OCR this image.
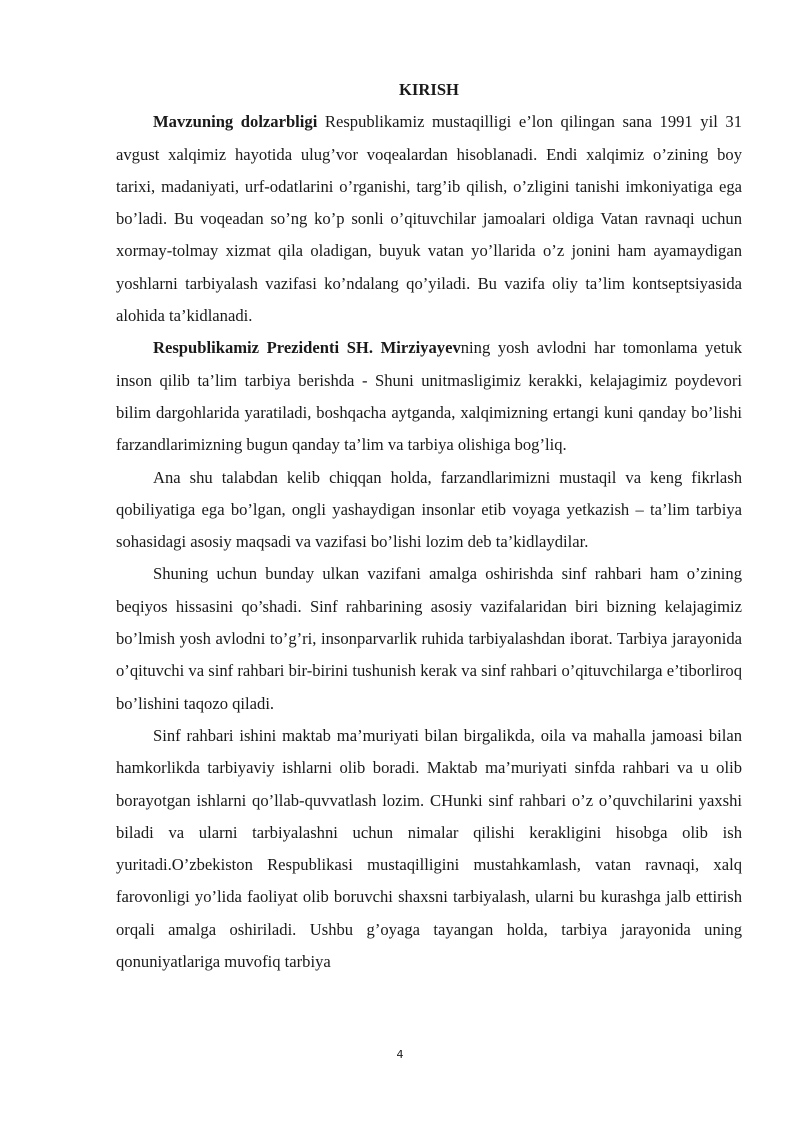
KIRISH

Mavzuning dolzarbligi Respublikamiz mustaqilligi e’lon qilingan sana 1991 yil 31 avgust xalqimiz hayotida ulug’vor voqealardan hisoblanadi. Endi xalqimiz o’zining boy tarixi, madaniyati, urf-odatlarini o’rganishi, targ’ib qilish, o’zligini tanishi imkoniyatiga ega bo’ladi. Bu voqeadan so’ng ko’p sonli o’qituvchilar jamoalari oldiga Vatan ravnaqi uchun xormay-tolmay xizmat qila oladigan, buyuk vatan yo’llarida o’z jonini ham ayamaydigan yoshlarni tarbiyalash vazifasi ko’ndalang qo’yiladi. Bu vazifa oliy ta’lim kontseptsiyasida alohida ta’kidlanadi.

Respublikamiz Prezidenti SH. Mirziyayevning yosh avlodni har tomonlama yetuk inson qilib ta’lim tarbiya berishda - Shuni unitmasligimiz kerakki, kelajagimiz poydevori bilim dargohlarida yaratiladi, boshqacha aytganda, xalqimizning ertangi kuni qanday bo’lishi farzandlarimizning bugun qanday ta’lim va tarbiya olishiga bog’liq.

Ana shu talabdan kelib chiqqan holda, farzandlarimizni mustaqil va keng fikrlash qobiliyatiga ega bo’lgan, ongli yashaydigan insonlar etib voyaga yetkazish – ta’lim tarbiya sohasidagi asosiy maqsadi va vazifasi bo’lishi lozim deb ta’kidlaydilar.

Shuning uchun bunday ulkan vazifani amalga oshirishda sinf rahbari ham o’zining beqiyos hissasini qo’shadi. Sinf rahbarining asosiy vazifalaridan biri bizning kelajagimiz bo’lmish yosh avlodni to’g’ri, insonparvarlik ruhida tarbiyalashdan iborat. Tarbiya jarayonida o’qituvchi va sinf rahbari bir-birini tushunish kerak va sinf rahbari o’qituvchilarga e’tiborliroq bo’lishini taqozo qiladi.

Sinf rahbari ishini maktab ma’muriyati bilan birgalikda, oila va mahalla jamoasi bilan hamkorlikda tarbiyaviy ishlarni olib boradi. Maktab ma’muriyati sinfda rahbari va u olib borayotgan ishlarni qo’llab-quvvatlash lozim. CHunki sinf rahbari o’z o’quvchilarini yaxshi biladi va ularni tarbiyalashni uchun nimalar qilishi kerakligini hisobga olib ish yuritadi.O’zbekiston Respublikasi mustaqilligini mustahkamlash, vatan ravnaqi, xalq farovonligi yo’lida faoliyat olib boruvchi shaxsni tarbiyalash, ularni bu kurashga jalb ettirish orqali amalga oshiriladi. Ushbu g’oyaga tayangan holda, tarbiya jarayonida uning qonuniyatlariga muvofiq tarbiya

4
